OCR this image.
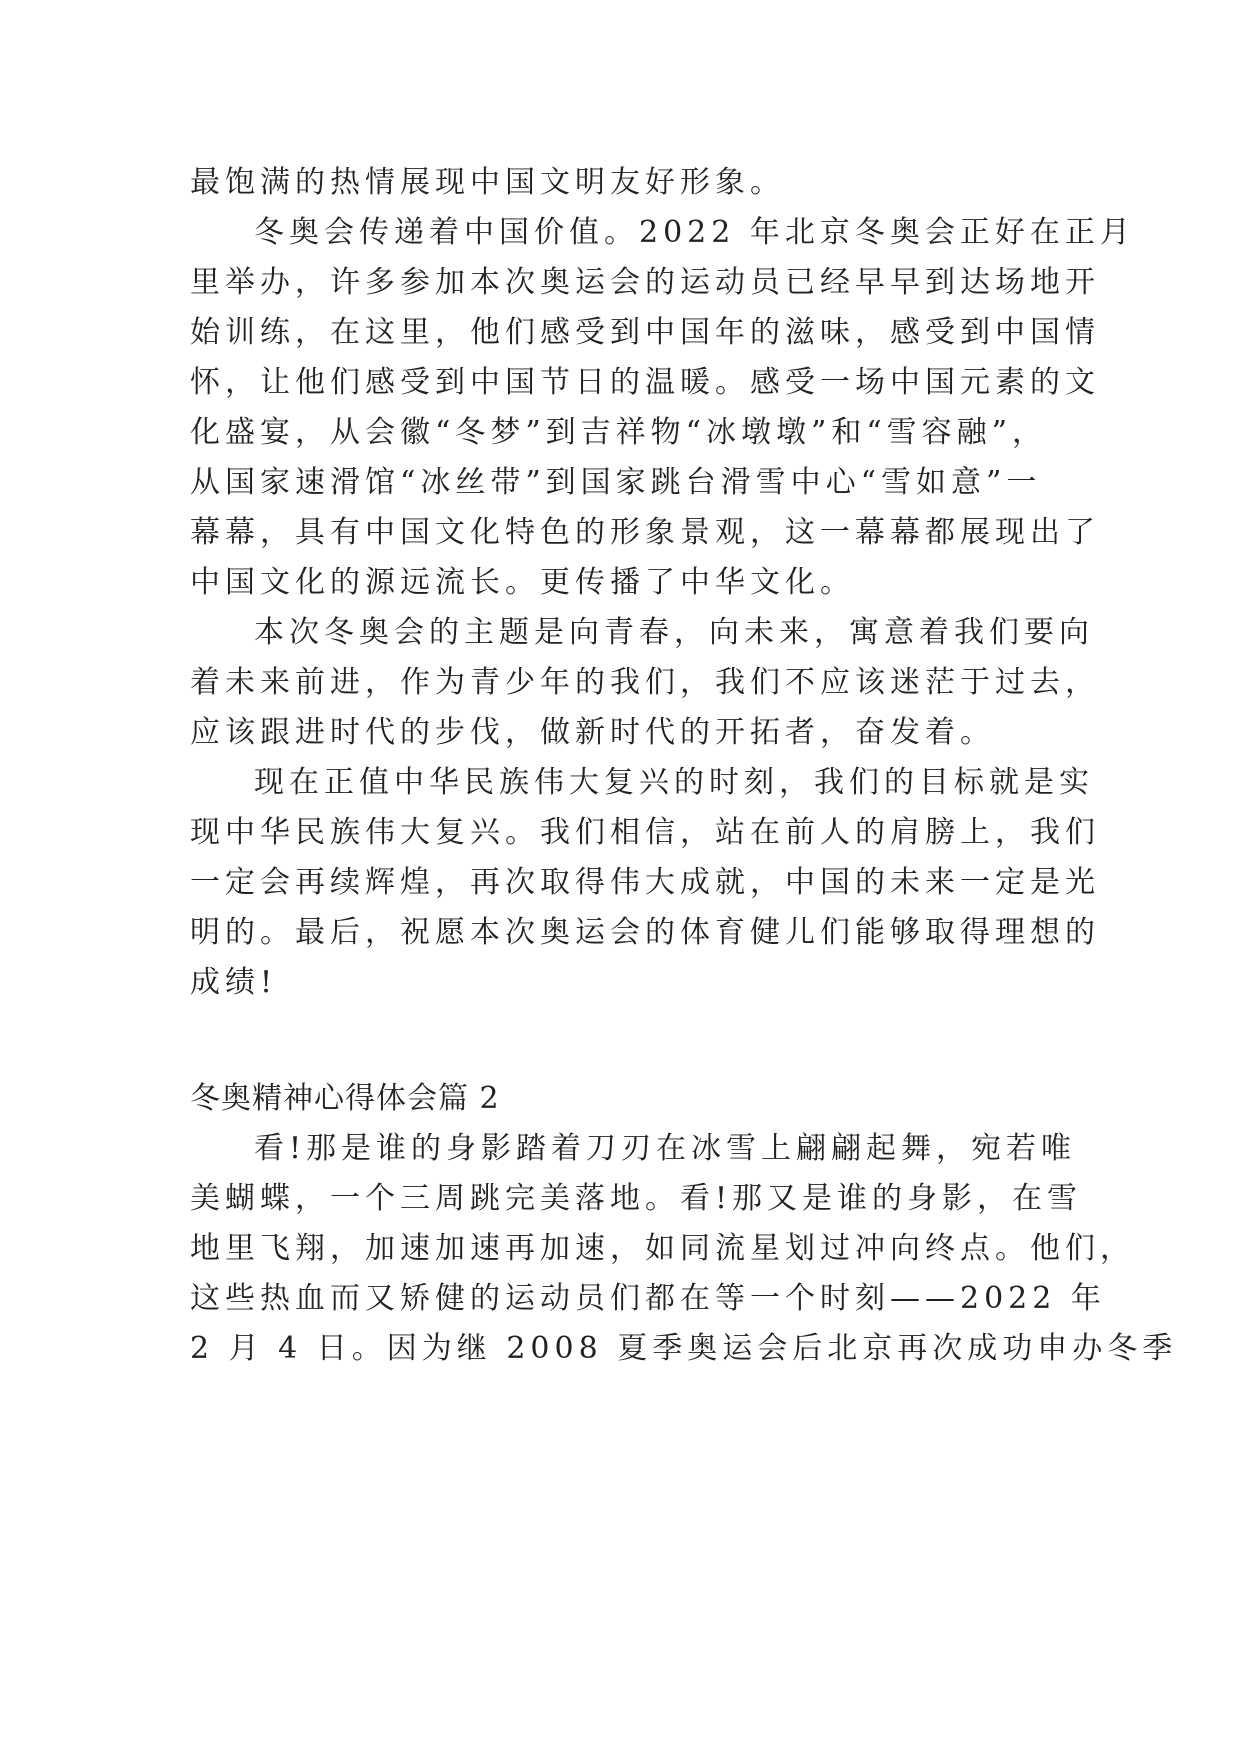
最饱满的热情展现中国文明友好形象。
冬奥会传递着中国价值。2022 年北京冬奥会正好在正月
里举办，许多参加本次奥运会的运动员已经早早到达场地开
始训练，在这里，他们感受到中国年的滋味，感受到中国情
怀，让他们感受到中国节日的温暖。感受一场中国元素的文
化盛宴，从会徽“冬梦”到吉祥物“冰墩墩”和“雪容融”，
从国家速滑馆“冰丝带”到国家跳台滑雪中心“雪如意”一
幕幕，具有中国文化特色的形象景观，这一幕幕都展现出了
中国文化的源远流长。更传播了中华文化。
本次冬奥会的主题是向青春，向未来，寓意着我们要向
着未来前进，作为青少年的我们，我们不应该迷茫于过去，
应该跟进时代的步伐，做新时代的开拓者，奋发着。
现在正值中华民族伟大复兴的时刻，我们的目标就是实
现中华民族伟大复兴。我们相信，站在前人的肩膀上，我们
一定会再续辉煌，再次取得伟大成就，中国的未来一定是光
明的。最后，祝愿本次奥运会的体育健儿们能够取得理想的
成绩!
冬奥精神心得体会篇 2
看!那是谁的身影踏着刀刃在冰雪上翩翩起舞，宛若唯
美蝴蝶，一个三周跳完美落地。看!那又是谁的身影，在雪
地里飞翔，加速加速再加速，如同流星划过冲向终点。他们，
这些热血而又矫健的运动员们都在等一个时刻——2022 年
2 月 4 日。因为继 2008 夏季奥运会后北京再次成功申办冬季
